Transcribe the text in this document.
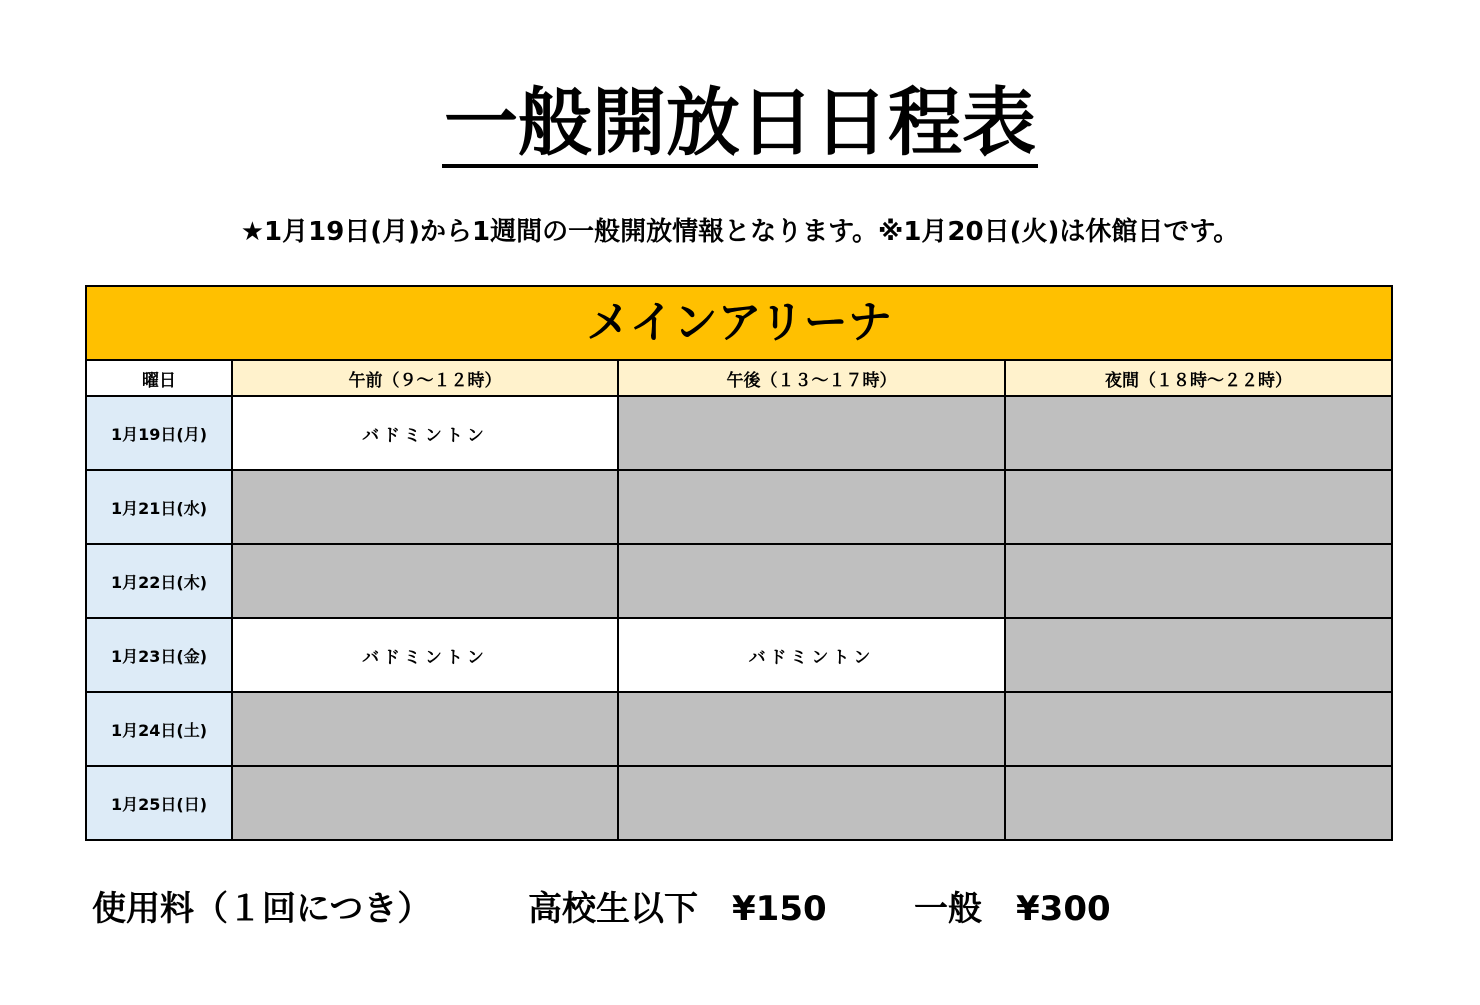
一般開放日日程表
★1月19日(月)から1週間の一般開放情報となります。※1月20日(火)は休館日です。
メインアリーナ			
曜日	午前（９～１２時）	午後（１３～１７時）	夜間（１８時～２２時）
1月19日(月)	バドミントン		
1月21日(水)			
1月22日(木)			
1月23日(金)	バドミントン	バドミントン	
1月24日(土)			
1月25日(日)			
使用料（１回につき）	高校生以下　¥150	一般　¥300
